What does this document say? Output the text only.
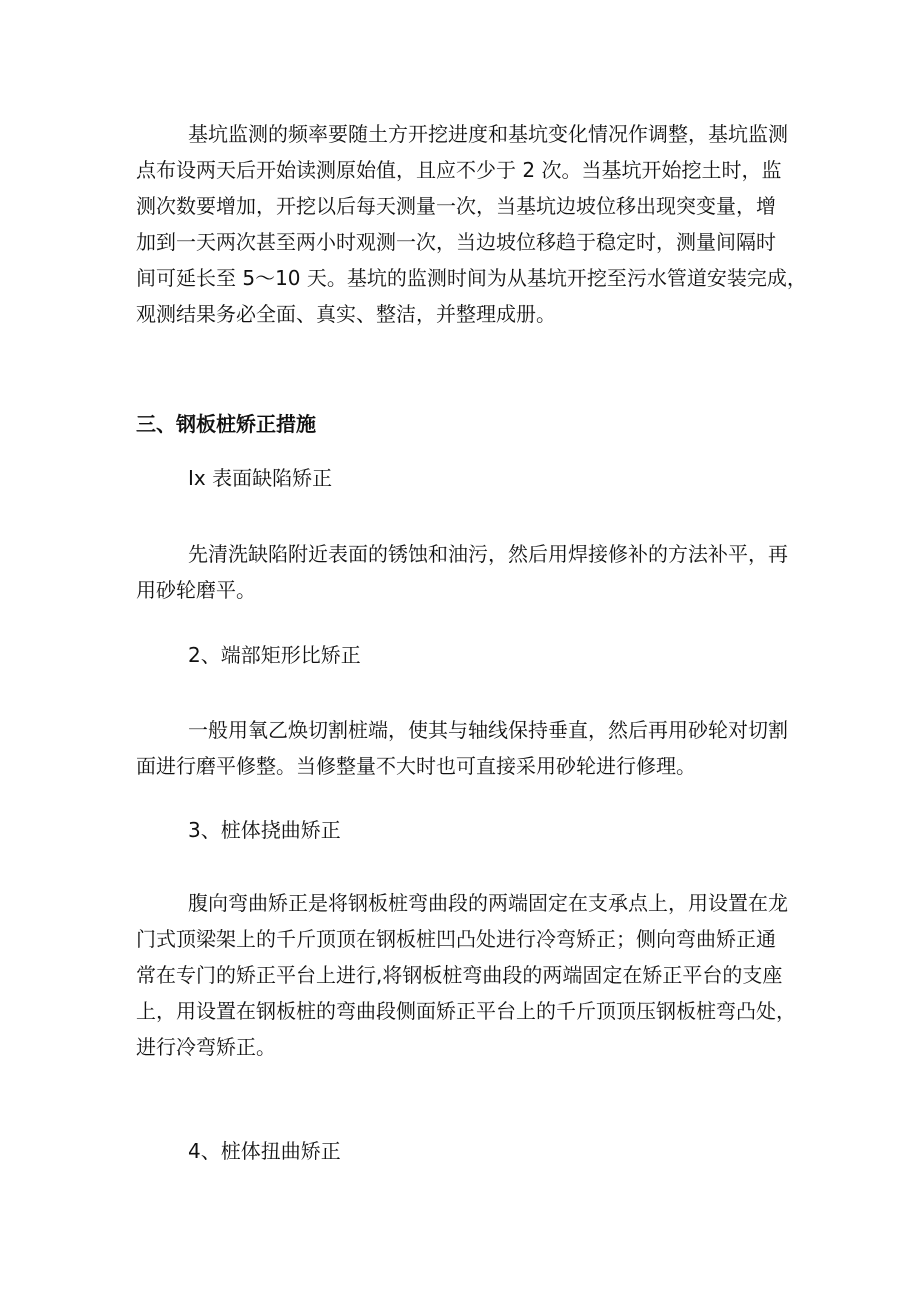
基坑监测的频率要随土方开挖进度和基坑变化情况作调整，基坑监测
点布设两天后开始读测原始值，且应不少于 2 次。当基坑开始挖土时，监
测次数要增加，开挖以后每天测量一次，当基坑边坡位移出现突变量，增
加到一天两次甚至两小时观测一次，当边坡位移趋于稳定时，测量间隔时
间可延长至 5～10 天。基坑的监测时间为从基坑开挖至污水管道安装完成，
观测结果务必全面、真实、整洁，并整理成册。
三、钢板桩矫正措施
Ix 表面缺陷矫正
先清洗缺陷附近表面的锈蚀和油污，然后用焊接修补的方法补平，再
用砂轮磨平。
2、端部矩形比矫正
一般用氧乙焕切割桩端，使其与轴线保持垂直，然后再用砂轮对切割
面进行磨平修整。当修整量不大时也可直接采用砂轮进行修理。
3、桩体挠曲矫正
腹向弯曲矫正是将钢板桩弯曲段的两端固定在支承点上，用设置在龙
门式顶梁架上的千斤顶顶在钢板桩凹凸处进行冷弯矫正；侧向弯曲矫正通
常在专门的矫正平台上进行,将钢板桩弯曲段的两端固定在矫正平台的支座
上，用设置在钢板桩的弯曲段侧面矫正平台上的千斤顶顶压钢板桩弯凸处，
进行冷弯矫正。
4、桩体扭曲矫正
